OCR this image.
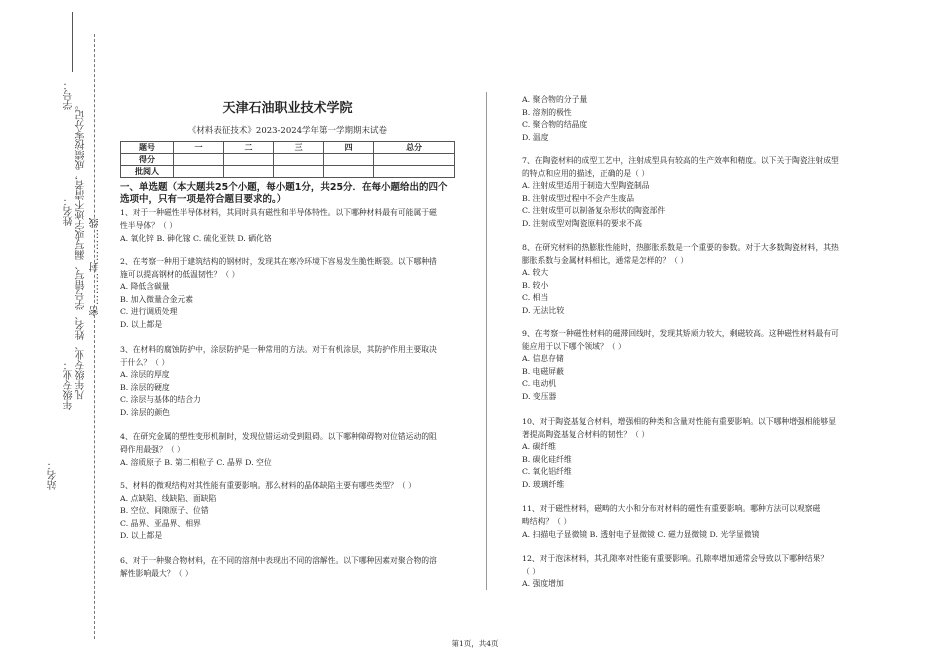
学号：
密………封………线
凡年级专业、姓名、学号错写、漏写或字迹不清者，成绩按零分记。
姓名：
年级专业：
站名：
天津石油职业技术学院
《材料表征技术》2023-2024学年第一学期期末试卷
题号	一	二	三	四	总分
得分					
批阅人					
一、单选题（本大题共25个小题，每小题1分，共25分．在每小题给出的四个
选项中，只有一项是符合题目要求的。）

1、对于一种磁性半导体材料，其同时具有磁性和半导体特性。以下哪种材料最有可能属于磁

性半导体？（ ）

A. 氧化锌 B. 砷化镓 C. 硫化亚铁 D. 硒化铬

2、在考察一种用于建筑结构的钢材时，发现其在寒冷环境下容易发生脆性断裂。以下哪种措

施可以提高钢材的低温韧性？（ ）

A. 降低含碳量

B. 加入微量合金元素

C. 进行调质处理

D. 以上都是

3、在材料的腐蚀防护中，涂层防护是一种常用的方法。对于有机涂层，其防护作用主要取决

于什么？（ ）

A. 涂层的厚度

B. 涂层的硬度

C. 涂层与基体的结合力

D. 涂层的颜色

4、在研究金属的塑性变形机制时，发现位错运动受到阻碍。以下哪种障碍物对位错运动的阻

碍作用最强？（ ）

A. 溶质原子 B. 第二相粒子 C. 晶界 D. 空位

5、材料的微观结构对其性能有重要影响。那么材料的晶体缺陷主要有哪些类型？（ ）

A. 点缺陷、线缺陷、面缺陷

B. 空位、间隙原子、位错

C. 晶界、亚晶界、相界

D. 以上都是

6、对于一种聚合物材料，在不同的溶剂中表现出不同的溶解性。以下哪种因素对聚合物的溶

解性影响最大？（ ）

A. 聚合物的分子量

B. 溶剂的极性

C. 聚合物的结晶度

D. 温度

7、在陶瓷材料的成型工艺中，注射成型具有较高的生产效率和精度。以下关于陶瓷注射成型

的特点和应用的描述，正确的是（ ）

A. 注射成型适用于制造大型陶瓷制品

B. 注射成型过程中不会产生废品

C. 注射成型可以制备复杂形状的陶瓷部件

D. 注射成型对陶瓷原料的要求不高

8、在研究材料的热膨胀性能时，热膨胀系数是一个重要的参数。对于大多数陶瓷材料，其热

膨胀系数与金属材料相比，通常是怎样的？（ ）

A. 较大

B. 较小

C. 相当

D. 无法比较

9、在考察一种磁性材料的磁滞回线时，发现其矫顽力较大，剩磁较高。这种磁性材料最有可

能应用于以下哪个领域？（ ）

A. 信息存储

B. 电磁屏蔽

C. 电动机

D. 变压器

10、对于陶瓷基复合材料，增强相的种类和含量对性能有重要影响。以下哪种增强相能够显

著提高陶瓷基复合材料的韧性？（ ）

A. 碳纤维

B. 碳化硅纤维

C. 氧化铝纤维

D. 玻璃纤维

11、对于磁性材料，磁畴的大小和分布对材料的磁性有重要影响。哪种方法可以观察磁

畴结构？（ ）

A. 扫描电子显微镜 B. 透射电子显微镜 C. 磁力显微镜 D. 光学显微镜

12、对于泡沫材料，其孔隙率对性能有重要影响。孔隙率增加通常会导致以下哪种结果？

（ ）

A. 强度增加

第1页，共4页
